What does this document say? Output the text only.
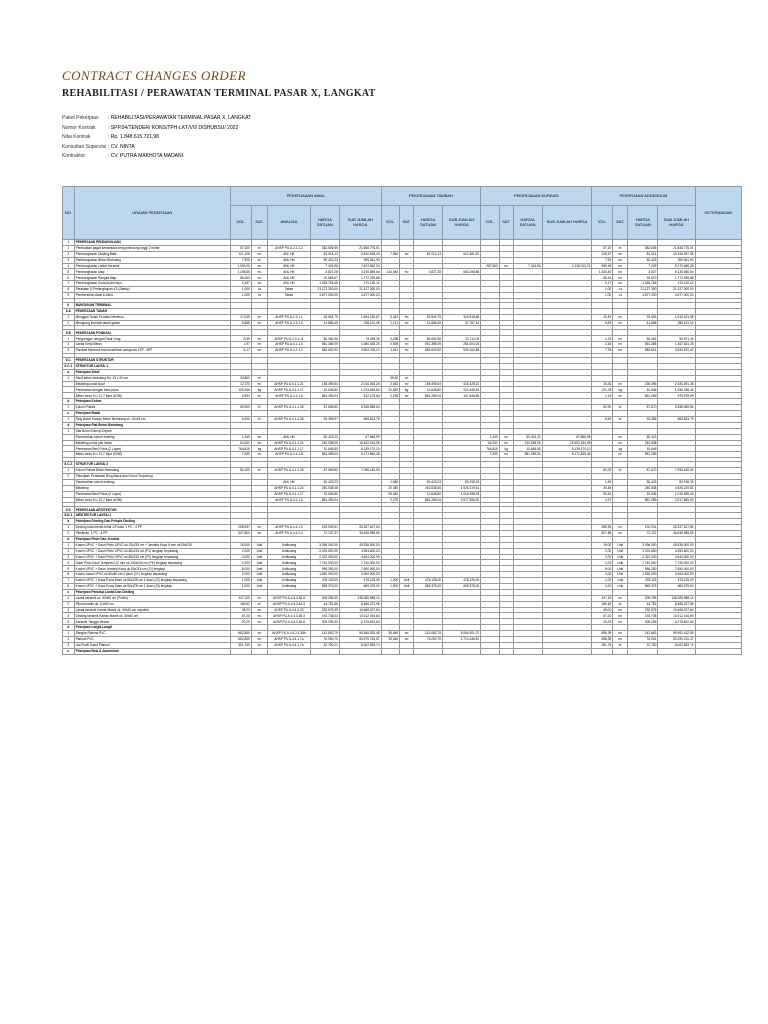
CONTRACT CHANGES ORDER
REHABILITASI / PERAWATAN TERMINAL PASAR X, LANGKAT
Paket Pekerjaan	: REHABILITASI/PERAWATAN TERMINAL PASAR X, LANGKAT
Nomor Kontrak	: SPP.04/TENDER/ KONS/TPH-LKT/VII/ DISHUBSU/ 2022
Nilai Kontrak	: Rp. 1.848.615.721,98
Konsultan Supervisi : CV. NINTA
Kontraktor	: CV. PUTRA MAKHOTA MADANI.
NO.	URAIAN PEKERJAAN	PEKERJAAAN AWAL					PEKERJAAAN TAMBAH				PEKERJAAAN KURANG				PEKERJAAN ADDENDUM				KETERANGAN
		VOL.	SAT.	ANALISA	HARGA SATUAN	SUB JUMLAH HARGA	VOL.	SAT.	HARGA SATUAN	SUB JUMLAH HARGA	VOL.	SAT.	HARGA SATUAN	SUB JUMLAH HARGA	VOL.	SAT.	HARGA SATUAN	SUB JUMLAH HARGA	
I	PEKERJAAN PENDAHULUAN																		
1	Pembuatan pagar sementara seng pelindung tinggi 2 meter	57,100	m'	AHSP PU A.2.2.1.2	382.605,59	21.846.776,01									57,10	m'	382.605	21.846.776,01	
2	Pembongkaran Dinding Bata	121,106	m²	ANL HK	81.014,13	9.810.528,43	7,560	m²	81.014,13	612.481,57					128,67	m²	81.014	10.346.057,96	
3	Pembongkaran Beton Bertulang	7,920	m³	ANL HK	50.423,23	399.361,94									7,92	m³	50.423	399.361,94	
4	Pembongkaran Lantai Keramik	1.000,00	m²	ANL HK	7.424,56	7.424.562,34					287,560	m²	7.424,56	2.135.013,74	696,40	m²	7.425	5.170.466,26	
5	Pembongkaran Atap	1.195,86	m²	ANL HK	3.827,28	4.576.885,66	144,540	m²	3.827,28	553.196,88					1.340,40	m²	3.827	5.130.080,54	
6	Pembongkaran Rangka Atap	86,160	m²	ANL HK	20.569,67	1.772.299,88									86,16	m²	20.570	1.772.299,88	
7	Pembongkaran Kuda-kuda Kayu	0,167	m³	ANL HK	1.018.765,45	170.130,12									0,17	m³	1.018.765	170.130,12	
8	Peralatan & Perlengkapan K3 (Safety)	1,000	Ls	Taksir	21.127.300,00	21.127.300,00									1,00	Ls	21.127.300	21.127.300,00	
9	Pembersihan Awal & Akhir	1,000	Ls	Taksir	4.677.000,00	4.677.000,00									1,00	Ls	4.677.000	4.677.000,00	

II	BANGUNAN TERMINAL																		
II.A	PEKERJAAN TANAH																		
1	Menggali Tanah Pondasi Menerus	17,049	m³	AHSP PU A.2.3.1.1	93.504,75	1.594.190,67	3,442	m³	93.504,75	319.918,68					20,49	m³	93.505	1.915.101,65	
2	Mengurug kembali tanah galian	5,688	m³	AHSP PU A.2.3.1.9	41.886,45	238.102,06	1,141	m³	41.886,45	47.787,14					6,83	m³	41.886	286.131,16	

II.B	PEKERJAAN PONDASI																		
1	Pengurugan dengan Pasir Urug	0,99	m³	AHSP PU A.2.3.1.11	80.060,96	79.259,35	0,258	m³	80.060,96	20.712,09					1,25	m³	80.061	99.971,44	
2	Lantai Kerja Beton	1,97	m³	AHSP PU A.4.1.1.4	551.385,09	1.086.628,25	0,508	m³	551.385,09	281.003,03					2,48	m³	551.385	1.367.631,28	
3	Pondasi Menerus batu belah/kali campuran 1SP : 4PP	6,17	m³	AHSP PU A.3.2.1.2	582.620,92	3.594.706,12	1,611	m³	582.620,92	939.162,88					7,78	m³	582.621	4.533.870,47	

II.C	PEKERJAAN STRUKTUR																		
II.C.1	STRUKTUR LANTAI 1																		
a	Pekerjaan Sloof																		
1	Sloof beton bertulang Uk. 15 x 20 cm	33,800	m'				38,40	m'											
	Bekisting untuk sloof	12,720	m²	AHSP PU A.4.1.1.21	158.495,54	2.016.063,26	2,640	m²	158.495,54	418.428,22					15,36	m²	158.496	2.434.491,48	
	Pembesian dengan besi polos	100,946	kg	AHSP PU A.4.1.1.17	10.645,80	1.074.650,80	20,820	kg	10.645,80	221.645,54					121,78	kg	10.646	1.296.296,34	
	Beton mutu f'c= 21,7 Mpa (K250)	0,954	m³	AHSP PU A.4.1.1.8	851.289,04	812.129,84	0,198	m³	851.289,04	167.848,85					1,15	m³	851.289	979.978,69	
b	Pekerjaan Kolom																		
1	Kolom Praktis	60,900	m'	AHSP PU A.4.1.1.35	87.669,82	5.338.089,54									60,90	m'	87.670	5.338.089,54	
c	Pekerjaan Balok																		
1	Ring Balok Kanopi Beton Bertulang uk. 10x15 cm	6,500	m'	AHSP PU A.4.1.1.36	93.355,97	606.813,79									6,50	m'	93.356	606.813,79	
d	Pekerjaan Plat Beton Bertulang																		
1	Dak Beton Kanopi Depan																		
	Pembesihan kolom existing	1,340	m²	ANL HK	50.423,23	67.566,99					1,340	m²	50.423,23	67.566,95		m²	50.423		
	Bekisting untuk plat lantai	64,262	m²	AHSP PU A.4.1.1.24	240.538,06	15.452.164,98					64,262	m²	240.538,06	15.452.164,98		m²	240.538		
	Pembesian Besi Polos (2 Layer)	764,816	kg	AHSP PU A.4.1.1.17	10.645,80	8.139.170,10					764,816	kg	10.645,80	8.139.170,10		kg	10.646		
	Beton mutu f'c= 21,7 Mpa (K250)	7,250	m³	AHSP PU A.4.1.1.8	851.289,04	6.171.845,46					7,250	m³	851.289,04	6.171.845,46		m³	851.289		

II.C.2	STRUKTUR LANTAI 2																		
1	Kolom Praktis Beton Bertulang	81,000	m'	AHSP PU A.4.1.1.35	87.669,82	7.096.160,94									81,00	m'	87.670	7.096.160,94	
2	Pekerjaan Perbaikan Ring Balok dan Kolom Terpotong																		
	Pembesihan kolom existing			ANL HK	50.423,23		1,650		50.423,23	83.198,33					1,65		50.423	83.198,33	
	Bekisting			AHSP PU A.4.1.1.24	240.538,06		20,480		240.538,06	4.926.219,51					20,48		240.538	4.926.219,51	
	Pembesian Besi Polos (2 Layer)			AHSP PU A.4.1.1.17	10.645,80		95,540		10.645,80	1.016.998,03					95,54		10.646	1.016.998,03	
	Beton mutu f'c= 21,7 Mpa (K250)			AHSP PU A.4.1.1.8	851.289,04		2,370		851.289,04	2.017.555,00					2,37		851.289	2.017.555,00	

II.D	PEKERJAAN ARSITEKTUR																		
II.D.1	ARSITEKTUR LANTAI 1																		
a	Pekerjaan Dinding Dan Pelapis Dinding																		
1	Dinding bata merah tebal 1/2 bata, 1 PC : 4 PP	255,937	m²	AHSP PU A.4.4.1.9	102.930,51	26.337.617,54									255,94	m²	102.931	26.337.617,54	
2	Plesteran, 1 PC : 4 PP	507,864	m²	AHSP PU A.4.4.2.4	72.137,37	36.635.985,69									507,86	m²	72.137	36.635.985,69	
b	Pekerjaan Pintu Dan Jendela																		
1	Kusen UPVC + Daun Pintu UPVC uk.70x215 cm + Jendela Kaca 6 mm uk.50x215	16,000	Unit	Unitkuang	3.096.000,00	49.536.000,00									16,00	Unit	3.096.000	49.536.000,00	
2	Kusen UPVC + Daun Pintu UPVC uk.80x215 cm (P1) lengkap terpasang	2,000	Unit	Unitkuang	2.476.800,00	4.953.600,00									2,00	Unit	2.476.800	4.953.600,00	
3	Kusen UPVC + Daun Pintu UPVC uk.80x215 cm (P2) lengkap terpasang	2,000	Unit	Unitkuang	2.322.000,00	4.644.000,00									2,00	Unit	2.322.000	4.644.000,00	
4	Daun Pintu Kaca Tempered 12 mm uk.130x240 cm (PK) lengkap terpasang	1,000	Unit	Unitkuang	7.740.000,00	7.740.000,00									1,00	Unit	7.740.000	7.740.000,00	
5	Kusen UPVC + Daun Jendela Kaca uk.50x215 cm (J1) lengkap	8,000	Unit	Unitkuang	956.250,00	7.650.000,00									8,00	Unit	956.250	7.650.000,00	
6	Kusen Jalusi UPVC uk.50x80 cm 4 daun (V1) lengkap terpasang	2,000	Unit	Unitkuang	1.530.000,00	3.060.000,00									2,00	Unit	1.530.000	3.060.000,00	
7	Kusen UPVC + Kaca Polos 5mm uk.50x125 cm 1 daun (J2) lengkap terpasang	1,000	Unit	Unitkuang	478.125,00	478.125,00	1,000	Unit	478.125,00	478.125,00					1,00	Unit	478.125	478.125,00	
8	Kusen UPVC + Kaca Polos 5mm uk.50x125 cm 1 daun (J3) lengkap	1,000	Unit	Unitkuang	669.375,00	669.375,00	1,000	Unit	669.375,00	669.375,00					1,00	Unit	669.375	669.375,00	
c	Pekerjaan Penutup Lantai Dan Dinding																		
1	Lantai keramik uk. 60x60 cm (Polish)	447,100	m²	AHSP PU A.4.4.3.36.8	309.295,30	138.285.988,14									447,10	m²	309.295	138.285.988,14	
2	Plint keramik uk. 10x60 cm	189,62	m'	AHSP PU A.4.4.3.43.3	44.751,86	8.486.227,96									189,62	m'	44.752	8.486.227,96	
3	Lantai keramik Kamar Mandi uk. 40x40 cm unpolish	45,00	m²	AHSP PU A.4.4.3.33	232.576,39	10.466.027,64									45,00	m²	232.576	10.466.027,64	
4	Dinding keramik Kamar Mandi uk. 30x60 cm	67,20	m²	AHSP PU A.4.4.3.35.3	192.738,03	13.012.016,80									67,20	m²	192.738	13.012.016,80	
5	Keramik Tangga Vitamo	20,29	m²	AHSP PU A.4.4.3.36.8	309.295,30	6.275.602,84									20,29	m²	309.295	6.275.602,84	
d	Pekerjaan Langit-Langit																		
1	Rangka Plafond PVC	662,850	m²	AHSP PU A.4.4.2.1.35b	142.662,79	94.566.932,48	35,640	m²	142.662,79	5.084.501,07					698,39	m²	142.663	99.591.432,55	
2	Plafond PVC	662,850	m²	AHSP PU A.4.4.1.7a	76.050,70	50.579.763,57	35,640	m²	76.050,70	2.710.446,81					698,39	m²	76.051	53.290.210,37	
3	List Profil Sudut Plafond	351,760	m'	AHSP PU A.4.4.1.7a	22.750,21	8.002.553,74									351,76	m'	22.750	8.002.553,74	
e	Pekerjaan Besi & Aluminium																		
